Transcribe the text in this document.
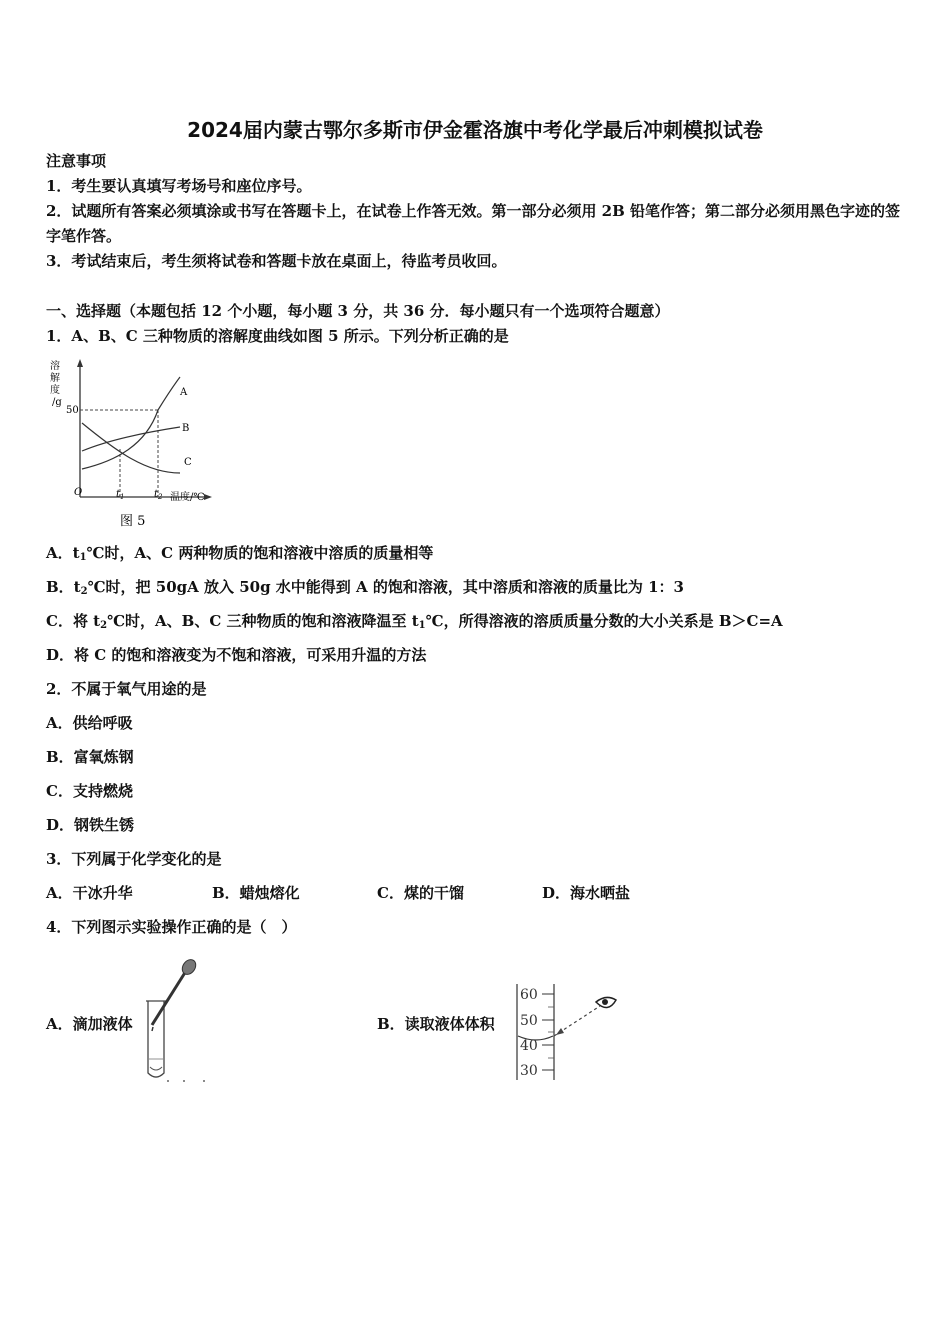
2024届内蒙古鄂尔多斯市伊金霍洛旗中考化学最后冲刺模拟试卷
注意事项
1．考生要认真填写考场号和座位序号。
2．试题所有答案必须填涂或书写在答题卡上，在试卷上作答无效。第一部分必须用 2B 铅笔作答；第二部分必须用黑色字迹的签字笔作答。
3．考试结束后，考生须将试卷和答题卡放在桌面上，待监考员收回。
一、选择题（本题包括 12 个小题，每小题 3 分，共 36 分．每小题只有一个选项符合题意）
1．A、B、C 三种物质的溶解度曲线如图 5 所示。下列分析正确的是
溶
解
度
/g
50
A
B
C
O	$t_1$	$t_2$ 温度/℃
图 5
A．$t_1℃$时，A、C 两种物质的饱和溶液中溶质的质量相等
B．$t_2℃$时，把 50gA 放入 50g 水中能得到 A 的饱和溶液，其中溶质和溶液的质量比为 1：3
C．将 $t_2℃$时，A、B、C 三种物质的饱和溶液降温至 $t_1℃$，所得溶液的溶质质量分数的大小关系是 B＞C=A
D．将 C 的饱和溶液变为不饱和溶液，可采用升温的方法
2．不属于氧气用途的是
A．供给呼吸
B．富氧炼钢
C．支持燃烧
D．钢铁生锈
3．下列属于化学变化的是
A．干冰升华	B．蜡烛熔化	C．煤的干馏	D．海水晒盐
4．下列图示实验操作正确的是（　）
A．滴加液体	B．读取液体体积
60
50
40
30
